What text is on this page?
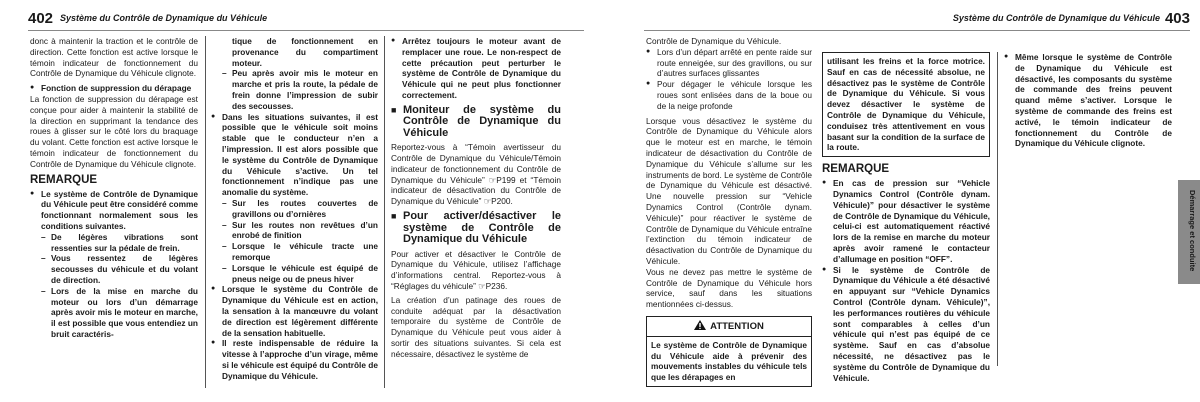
402 Système du Contrôle de Dynamique du Véhicule	Système du Contrôle de Dynamique du Véhicule 403

donc à maintenir la traction et le contrôle de direction. Cette fonction est active lorsque le témoin indicateur de fonctionnement du Contrôle de Dynamique du Véhicule clignote.

● Fonction de suppression du dérapage

La fonction de suppression du dérapage est conçue pour aider à maintenir la stabilité de la direction en supprimant la tendance des roues à glisser sur le côté lors du braquage du volant. Cette fonction est active lorsque le témoin indicateur de fonctionnement du Contrôle de Dynamique du Véhicule clignote.

REMARQUE
● Le système de Contrôle de Dynamique du Véhicule peut être considéré comme fonctionnant normalement sous les conditions suivantes.
– De légères vibrations sont ressenties sur la pédale de frein.
– Vous ressentez de légères secousses du véhicule et du volant de direction.
– Lors de la mise en marche du moteur ou lors d’un démarrage après avoir mis le moteur en marche, il est possible que vous entendiez un bruit caractéris-
tique de fonctionnement en provenance du compartiment moteur.
– Peu après avoir mis le moteur en marche et pris la route, la pédale de frein donne l’impression de subir des secousses.
● Dans les situations suivantes, il est possible que le véhicule soit moins stable que le conducteur n’en a l’impression. Il est alors possible que le système du Contrôle de Dynamique du Véhicule s’active. Un tel fonctionnement n’indique pas une anomalie du système.
– Sur les routes couvertes de gravillons ou d’ornières
– Sur les routes non revêtues d’un enrobé de finition
– Lorsque le véhicule tracte une remorque
– Lorsque le véhicule est équipé de pneus neige ou de pneus hiver
● Lorsque le système du Contrôle de Dynamique du Véhicule est en action, la sensation à la manœuvre du volant de direction est légèrement différente de la sensation habituelle.
● Il reste indispensable de réduire la vitesse à l’approche d’un virage, même si le véhicule est équipé du Contrôle de Dynamique du Véhicule.
● Arrêtez toujours le moteur avant de remplacer une roue. Le non-respect de cette précaution peut perturber le système de Contrôle de Dynamique du Véhicule qui ne peut plus fonctionner correctement.
■ Moniteur de système du Contrôle de Dynamique du Véhicule

Reportez-vous à “Témoin avertisseur du Contrôle de Dynamique du Véhicule/Témoin indicateur de fonctionnement du Contrôle de Dynamique du Véhicule” ☞P199 et “Témoin indicateur de désactivation du Contrôle de Dynamique du Véhicule” ☞P200.

■ Pour activer/désactiver le système de Contrôle de Dynamique du Véhicule

Pour activer et désactiver le Contrôle de Dynamique du Véhicule, utilisez l’affichage d’informations central. Reportez-vous à “Réglages du véhicule” ☞P236.

La création d’un patinage des roues de conduite adéquat par la désactivation temporaire du système de Contrôle de Dynamique du Véhicule peut vous aider à sortir des situations suivantes. Si cela est nécessaire, désactivez le système de

Contrôle de Dynamique du Véhicule.

● Lors d’un départ arrêté en pente raide sur route enneigée, sur des gravillons, ou sur d’autres surfaces glissantes
● Pour dégager le véhicule lorsque les roues sont enlisées dans de la boue ou de la neige profonde

Lorsque vous désactivez le système du Contrôle de Dynamique du Véhicule alors que le moteur est en marche, le témoin indicateur de désactivation du Contrôle de Dynamique du Véhicule s’allume sur les instruments de bord. Le système de Contrôle de Dynamique du Véhicule est désactivé. Une nouvelle pression sur “Vehicle Dynamics Control (Contrôle dynam. Véhicule)” pour réactiver le système de Contrôle de Dynamique du Véhicule entraîne l’extinction du témoin indicateur de désactivation du Contrôle de Dynamique du Véhicule.

Vous ne devez pas mettre le système de Contrôle de Dynamique du Véhicule hors service, sauf dans les situations mentionnées ci-dessus.

ATTENTION
Le système de Contrôle de Dynamique du Véhicule aide à prévenir des mouvements instables du véhicule tels que les dérapages en
utilisant les freins et la force motrice. Sauf en cas de nécessité absolue, ne désactivez pas le système de Contrôle de Dynamique du Véhicule. Si vous devez désactiver le système de Contrôle de Dynamique du Véhicule, conduisez très attentivement en vous basant sur la condition de la surface de la route.
REMARQUE
● En cas de pression sur “Vehicle Dynamics Control (Contrôle dynam. Véhicule)” pour désactiver le système de Contrôle de Dynamique du Véhicule, celui-ci est automatiquement réactivé lors de la remise en marche du moteur après avoir ramené le contacteur d’allumage en position “OFF”.
● Si le système de Contrôle de Dynamique du Véhicule a été désactivé en appuyant sur “Vehicle Dynamics Control (Contrôle dynam. Véhicule)”, les performances routières du véhicule sont comparables à celles d’un véhicule qui n’est pas équipé de ce système. Sauf en cas d’absolue nécessité, ne désactivez pas le système du Contrôle de Dynamique du Véhicule.
● Même lorsque le système de Contrôle de Dynamique du Véhicule est désactivé, les composants du système de commande des freins peuvent quand même s’activer. Lorsque le système de commande des freins est activé, le témoin indicateur de fonctionnement du Contrôle de Dynamique du Véhicule clignote.
Démarrage et conduite
